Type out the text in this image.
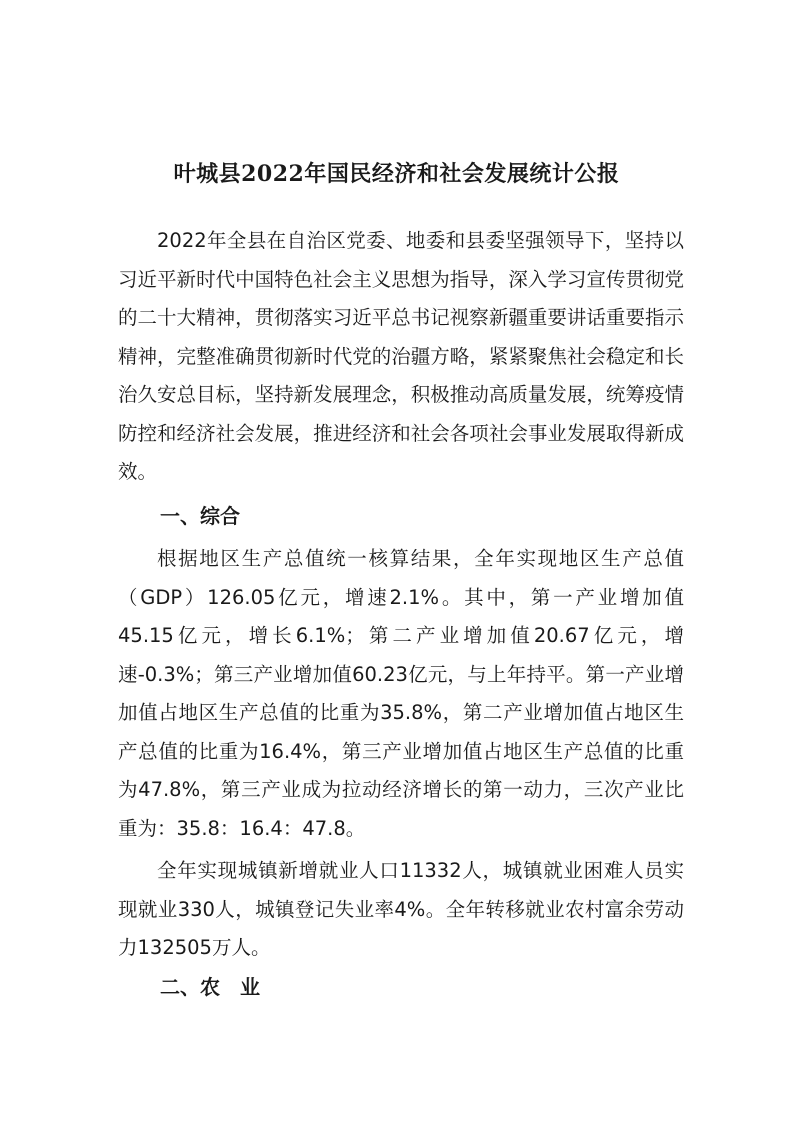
叶城县2022年国民经济和社会发展统计公报

2022年全县在自治区党委、地委和县委坚强领导下，坚持以习近平新时代中国特色社会主义思想为指导，深入学习宣传贯彻党的二十大精神，贯彻落实习近平总书记视察新疆重要讲话重要指示精神，完整准确贯彻新时代党的治疆方略，紧紧聚焦社会稳定和长治久安总目标，坚持新发展理念，积极推动高质量发展，统筹疫情防控和经济社会发展，推进经济和社会各项社会事业发展取得新成效。

一、综合

根据地区生产总值统一核算结果，全年实现地区生产总值（GDP）126.05亿元，增速2.1%。其中，第一产业增加值45.15亿元，增长6.1%；第二产业增加值20.67亿元，增速-0.3%；第三产业增加值60.23亿元，与上年持平。第一产业增加值占地区生产总值的比重为35.8%，第二产业增加值占地区生产总值的比重为16.4%，第三产业增加值占地区生产总值的比重为47.8%，第三产业成为拉动经济增长的第一动力，三次产业比重为：35.8：16.4：47.8。

全年实现城镇新增就业人口11332人，城镇就业困难人员实现就业330人，城镇登记失业率4%。全年转移就业农村富余劳动力132505万人。

二、农　业
